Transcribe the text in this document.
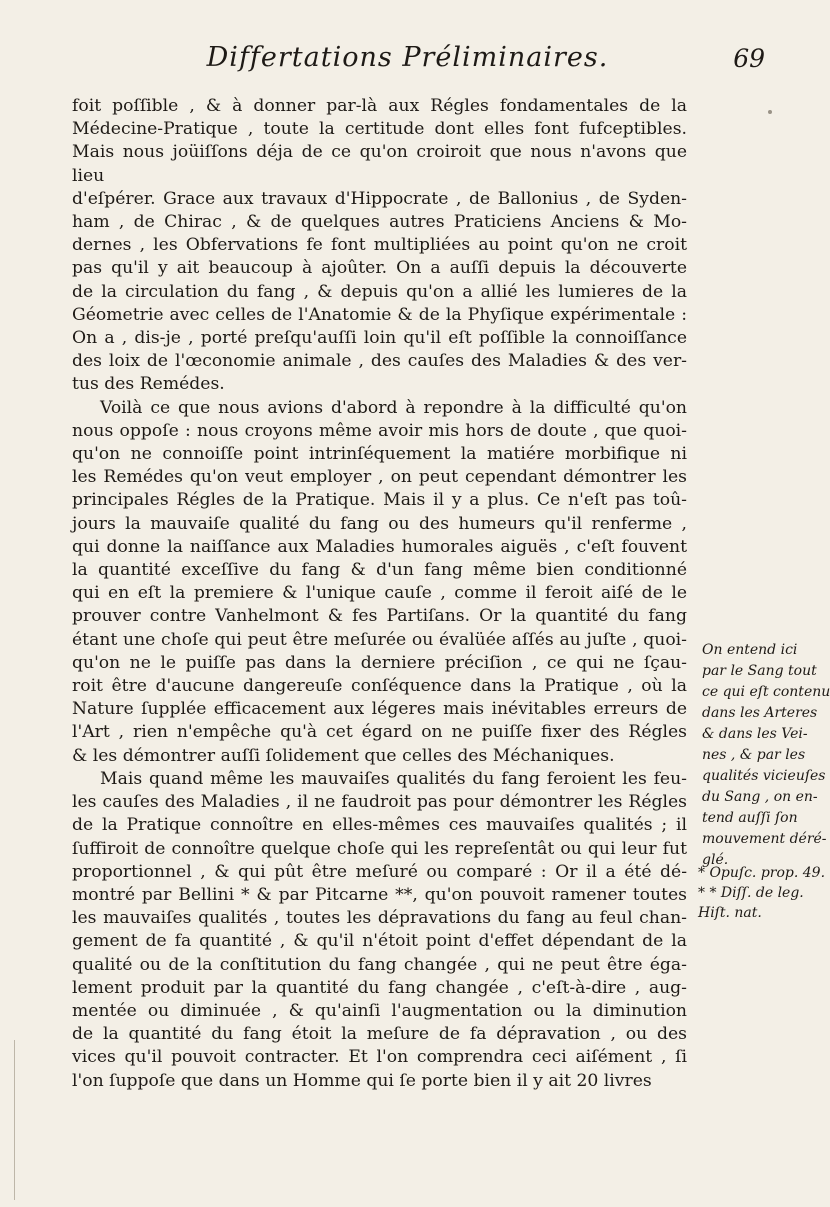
Differtations Préliminaires.	69

foit poſſible , & à donner par-là aux Régles fondamentales de la

Médecine-Pratique , toute la certitude dont elles font fufceptibles.

Mais nous joüiſſons déja de ce qu'on croiroit que nous n'avons que lieu

d'eſpérer. Grace aux travaux d'Hippocrate , de Ballonius , de Syden-

ham , de Chirac , & de quelques autres Praticiens Anciens & Mo-

dernes , les Obfervations fe font multipliées au point qu'on ne croit

pas qu'il y ait beaucoup à ajoûter. On a auſſi depuis la découverte

de la circulation du fang , & depuis qu'on a allié les lumieres de la

Géometrie avec celles de l'Anatomie & de la Phyſique expérimentale :

On a , dis-je , porté preſqu'auſſi loin qu'il eſt poſſible la connoiſſance

des loix de l'œconomie animale , des cauſes des Maladies & des ver-

tus des Remédes.

Voilà ce que nous avions d'abord à repondre à la difficulté qu'on

nous oppoſe : nous croyons même avoir mis hors de doute , que quoi-

qu'on ne connoiſſe point intrinſéquement la matiére morbifique ni

les Remédes qu'on veut employer , on peut cependant démontrer les

principales Régles de la Pratique. Mais il y a plus. Ce n'eſt pas toû-

jours la mauvaiſe qualité du fang ou des humeurs qu'il renferme ,

qui donne la naiſſance aux Maladies humorales aiguës , c'eſt fouvent

la quantité exceſſive du fang & d'un fang même bien conditionné

qui en eſt la premiere & l'unique cauſe , comme il feroit aiſé de le

prouver contre Vanhelmont & fes Partiſans. Or la quantité du fang

étant une choſe qui peut être meſurée ou évalüée aſſés au juſte , quoi-

qu'on ne le puiſſe pas dans la derniere préciſion , ce qui ne ſçau-

roit être d'aucune dangereuſe conſéquence dans la Pratique , où la

Nature ſupplée efficacement aux légeres mais inévitables erreurs de

l'Art , rien n'empêche qu'à cet égard on ne puiſſe fixer des Régles

& les démontrer auſſi ſolidement que celles des Méchaniques.

Mais quand même les mauvaiſes qualités du fang feroient les feu-

les cauſes des Maladies , il ne faudroit pas pour démontrer les Régles

de la Pratique connoître en elles-mêmes ces mauvaiſes qualités ; il

ſuffiroit de connoître quelque choſe qui les repreſentât ou qui leur fut

proportionnel , & qui pût être meſuré ou comparé : Or il a été dé-

montré par Bellini * & par Pitcarne **, qu'on pouvoit ramener toutes

les mauvaiſes qualités , toutes les dépravations du fang au feul chan-

gement de fa quantité , & qu'il n'étoit point d'effet dépendant de la

qualité ou de la conſtitution du fang changée , qui ne peut être éga-

lement produit par la quantité du fang changée , c'eſt-à-dire , aug-

mentée ou diminuée , & qu'ainſi l'augmentation ou la diminution

de la quantité du fang étoit la meſure de fa dépravation , ou des

vices qu'il pouvoit contracter. Et l'on comprendra ceci aiſément , ſi

l'on ſuppoſe que dans un Homme qui ſe porte bien il y ait 20 livres

On entend ici

par le Sang tout

ce qui eſt contenu

dans les Arteres

& dans les Vei-

nes , & par les

qualités vicieuſes

du Sang , on en-

tend auſſi ſon

mouvement déré-

glé.

* Opuſc. prop. 49.

* * Diſſ. de leg.

Hiſt. nat.
